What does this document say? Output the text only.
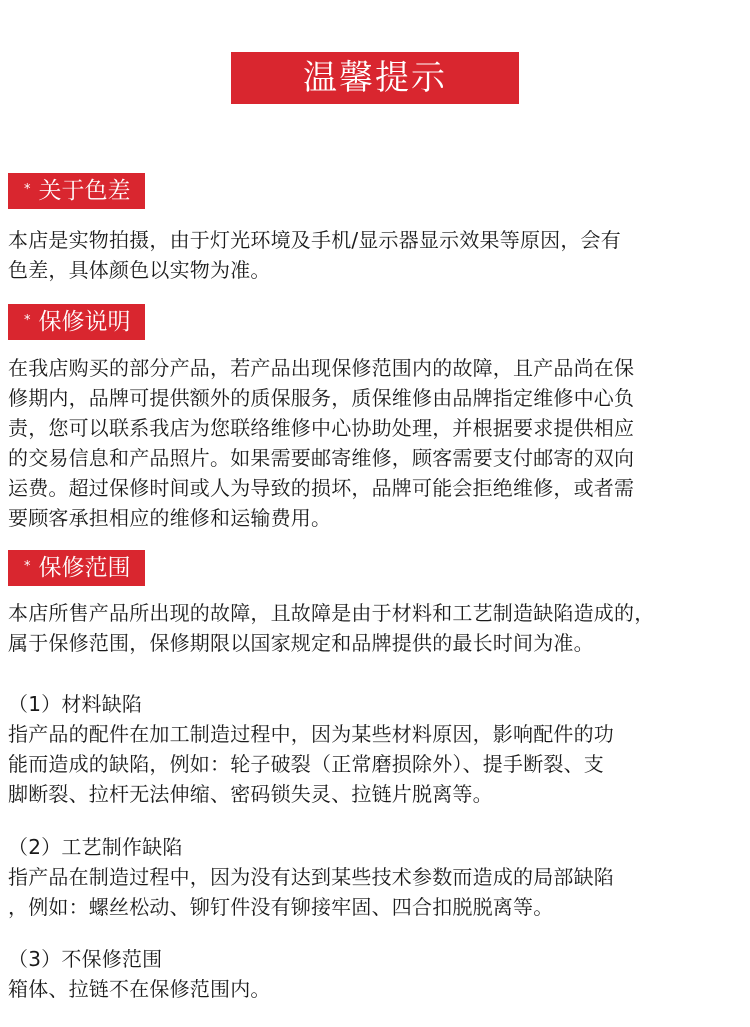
温馨提示
* 关于色差
本店是实物拍摄，由于灯光环境及手机/显示器显示效果等原因，会有
色差，具体颜色以实物为准。
* 保修说明
在我店购买的部分产品，若产品出现保修范围内的故障，且产品尚在保
修期内，品牌可提供额外的质保服务，质保维修由品牌指定维修中心负
责，您可以联系我店为您联络维修中心协助处理，并根据要求提供相应
的交易信息和产品照片。如果需要邮寄维修，顾客需要支付邮寄的双向
运费。超过保修时间或人为导致的损坏，品牌可能会拒绝维修，或者需
要顾客承担相应的维修和运输费用。
* 保修范围
本店所售产品所出现的故障，且故障是由于材料和工艺制造缺陷造成的，
属于保修范围，保修期限以国家规定和品牌提供的最长时间为准。
（1）材料缺陷
指产品的配件在加工制造过程中，因为某些材料原因，影响配件的功
能而造成的缺陷，例如：轮子破裂（正常磨损除外）、提手断裂、支
脚断裂、拉杆无法伸缩、密码锁失灵、拉链片脱离等。
（2）工艺制作缺陷
指产品在制造过程中，因为没有达到某些技术参数而造成的局部缺陷
，例如：螺丝松动、铆钉件没有铆接牢固、四合扣脱脱离等。
（3）不保修范围
箱体、拉链不在保修范围内。
